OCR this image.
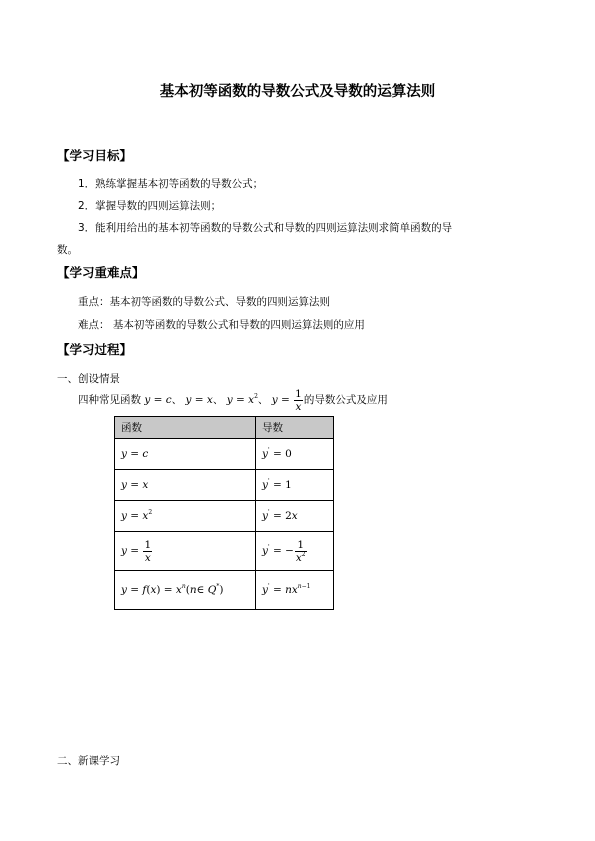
基本初等函数的导数公式及导数的运算法则
【学习目标】
1．熟练掌握基本初等函数的导数公式；
2．掌握导数的四则运算法则；
3．能利用给出的基本初等函数的导数公式和导数的四则运算法则求简单函数的导
数。
【学习重难点】
重点：基本初等函数的导数公式、导数的四则运算法则
难点： 基本初等函数的导数公式和导数的四则运算法则的应用
【学习过程】
一、创设情景
四种常见函数 y = c、 y = x、 $y = x^2$、 $y = \frac{1}{x}$ 的导数公式及应用
函数	导数
y = c	y' = 0
y = x	y' = 1
$y = x^2$	y' = 2x
$y = \frac{1}{x}$	y' = − $\frac{1}{x^2}$

$y = f(x) = x^n(n\in$ Q*)	$y' = nx^{n-1}$
二、新课学习
